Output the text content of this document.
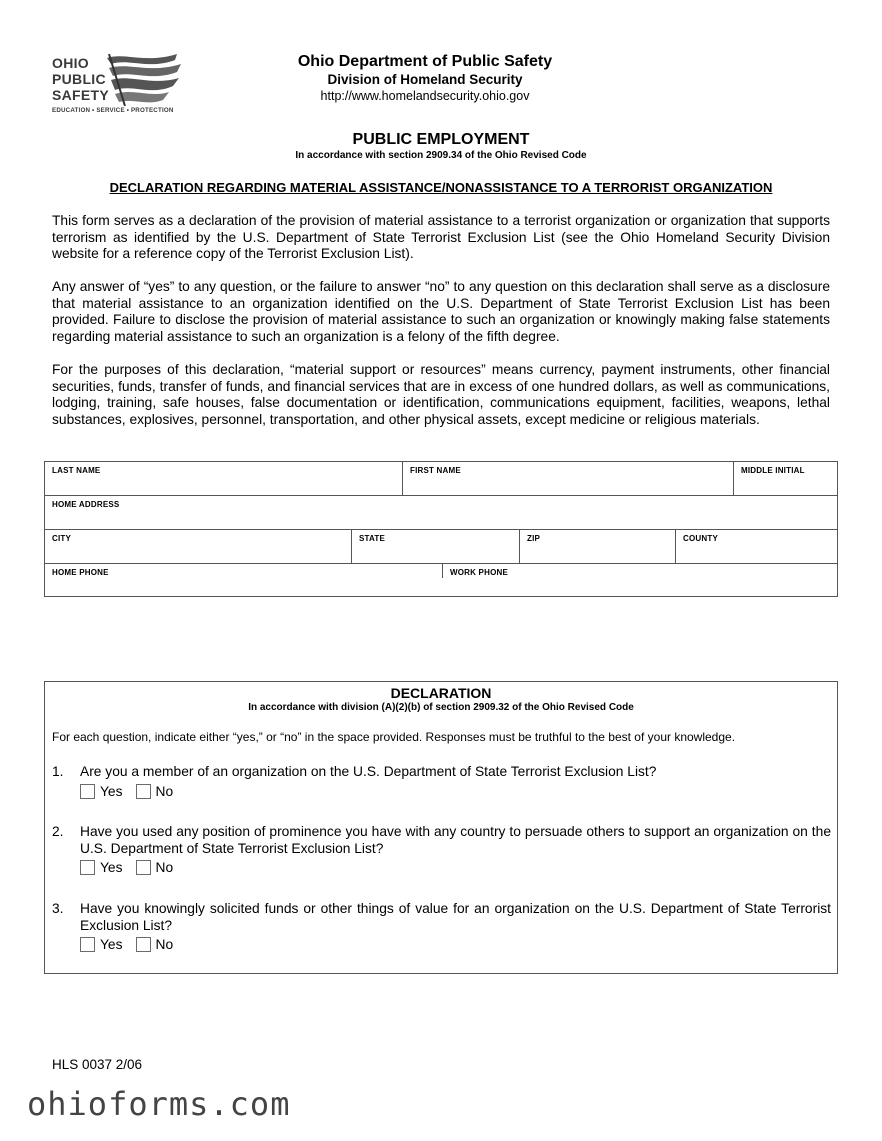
OHIO
PUBLIC
SAFETY
EDUCATION • SERVICE • PROTECTION
Ohio Department of Public Safety
Division of Homeland Security
http://www.homelandsecurity.ohio.gov
PUBLIC EMPLOYMENT
In accordance with section 2909.34 of the Ohio Revised Code
DECLARATION REGARDING MATERIAL ASSISTANCE/NONASSISTANCE TO A TERRORIST ORGANIZATION

This form serves as a declaration of the provision of material assistance to a terrorist organization or organization that supports terrorism as identified by the U.S. Department of State Terrorist Exclusion List (see the Ohio Homeland Security Division website for a reference copy of the Terrorist Exclusion List).

Any answer of “yes” to any question, or the failure to answer “no” to any question on this declaration shall serve as a disclosure that material assistance to an organization identified on the U.S. Department of State Terrorist Exclusion List has been provided. Failure to disclose the provision of material assistance to such an organization or knowingly making false statements regarding material assistance to such an organization is a felony of the fifth degree.

For the purposes of this declaration, “material support or resources” means currency, payment instruments, other financial securities, funds, transfer of funds, and financial services that are in excess of one hundred dollars, as well as communications, lodging, training, safe houses, false documentation or identification, communications equipment, facilities, weapons, lethal substances, explosives, personnel, transportation, and other physical assets, except medicine or religious materials.

LAST NAME	FIRST NAME	MIDDLE INITIAL
HOME ADDRESS
CITY	STATE	ZIP	COUNTY
HOME PHONE	WORK PHONE
DECLARATION
In accordance with division (A)(2)(b) of section 2909.32 of the Ohio Revised Code
For each question, indicate either “yes,” or “no” in the space provided. Responses must be truthful to the best of your knowledge.
1. Are you a member of an organization on the U.S. Department of State Terrorist Exclusion List?
Yes No
2. Have you used any position of prominence you have with any country to persuade others to support an organization on the U.S. Department of State Terrorist Exclusion List?
Yes No
3. Have you knowingly solicited funds or other things of value for an organization on the U.S. Department of State Terrorist Exclusion List?
Yes No
HLS 0037 2/06
ohioforms.com
